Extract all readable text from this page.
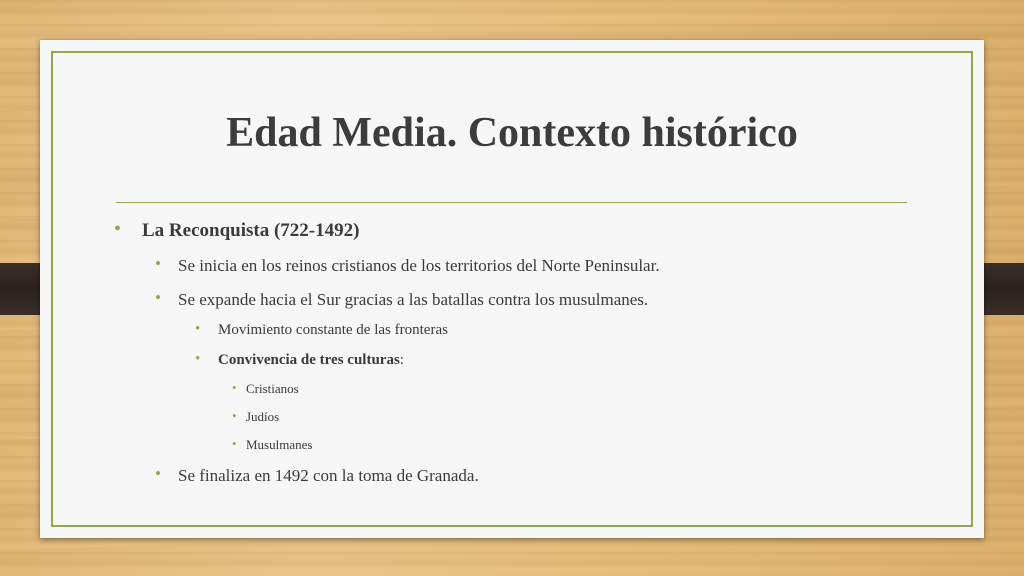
Edad Media. Contexto histórico
• La Reconquista (722-1492)
• Se inicia en los reinos cristianos de los territorios del Norte Peninsular.
• Se expande hacia el Sur gracias a las batallas contra los musulmanes.
• Movimiento constante de las fronteras
• Convivencia de tres culturas:
• Cristianos
• Judíos
• Musulmanes
• Se finaliza en 1492 con la toma de Granada.
